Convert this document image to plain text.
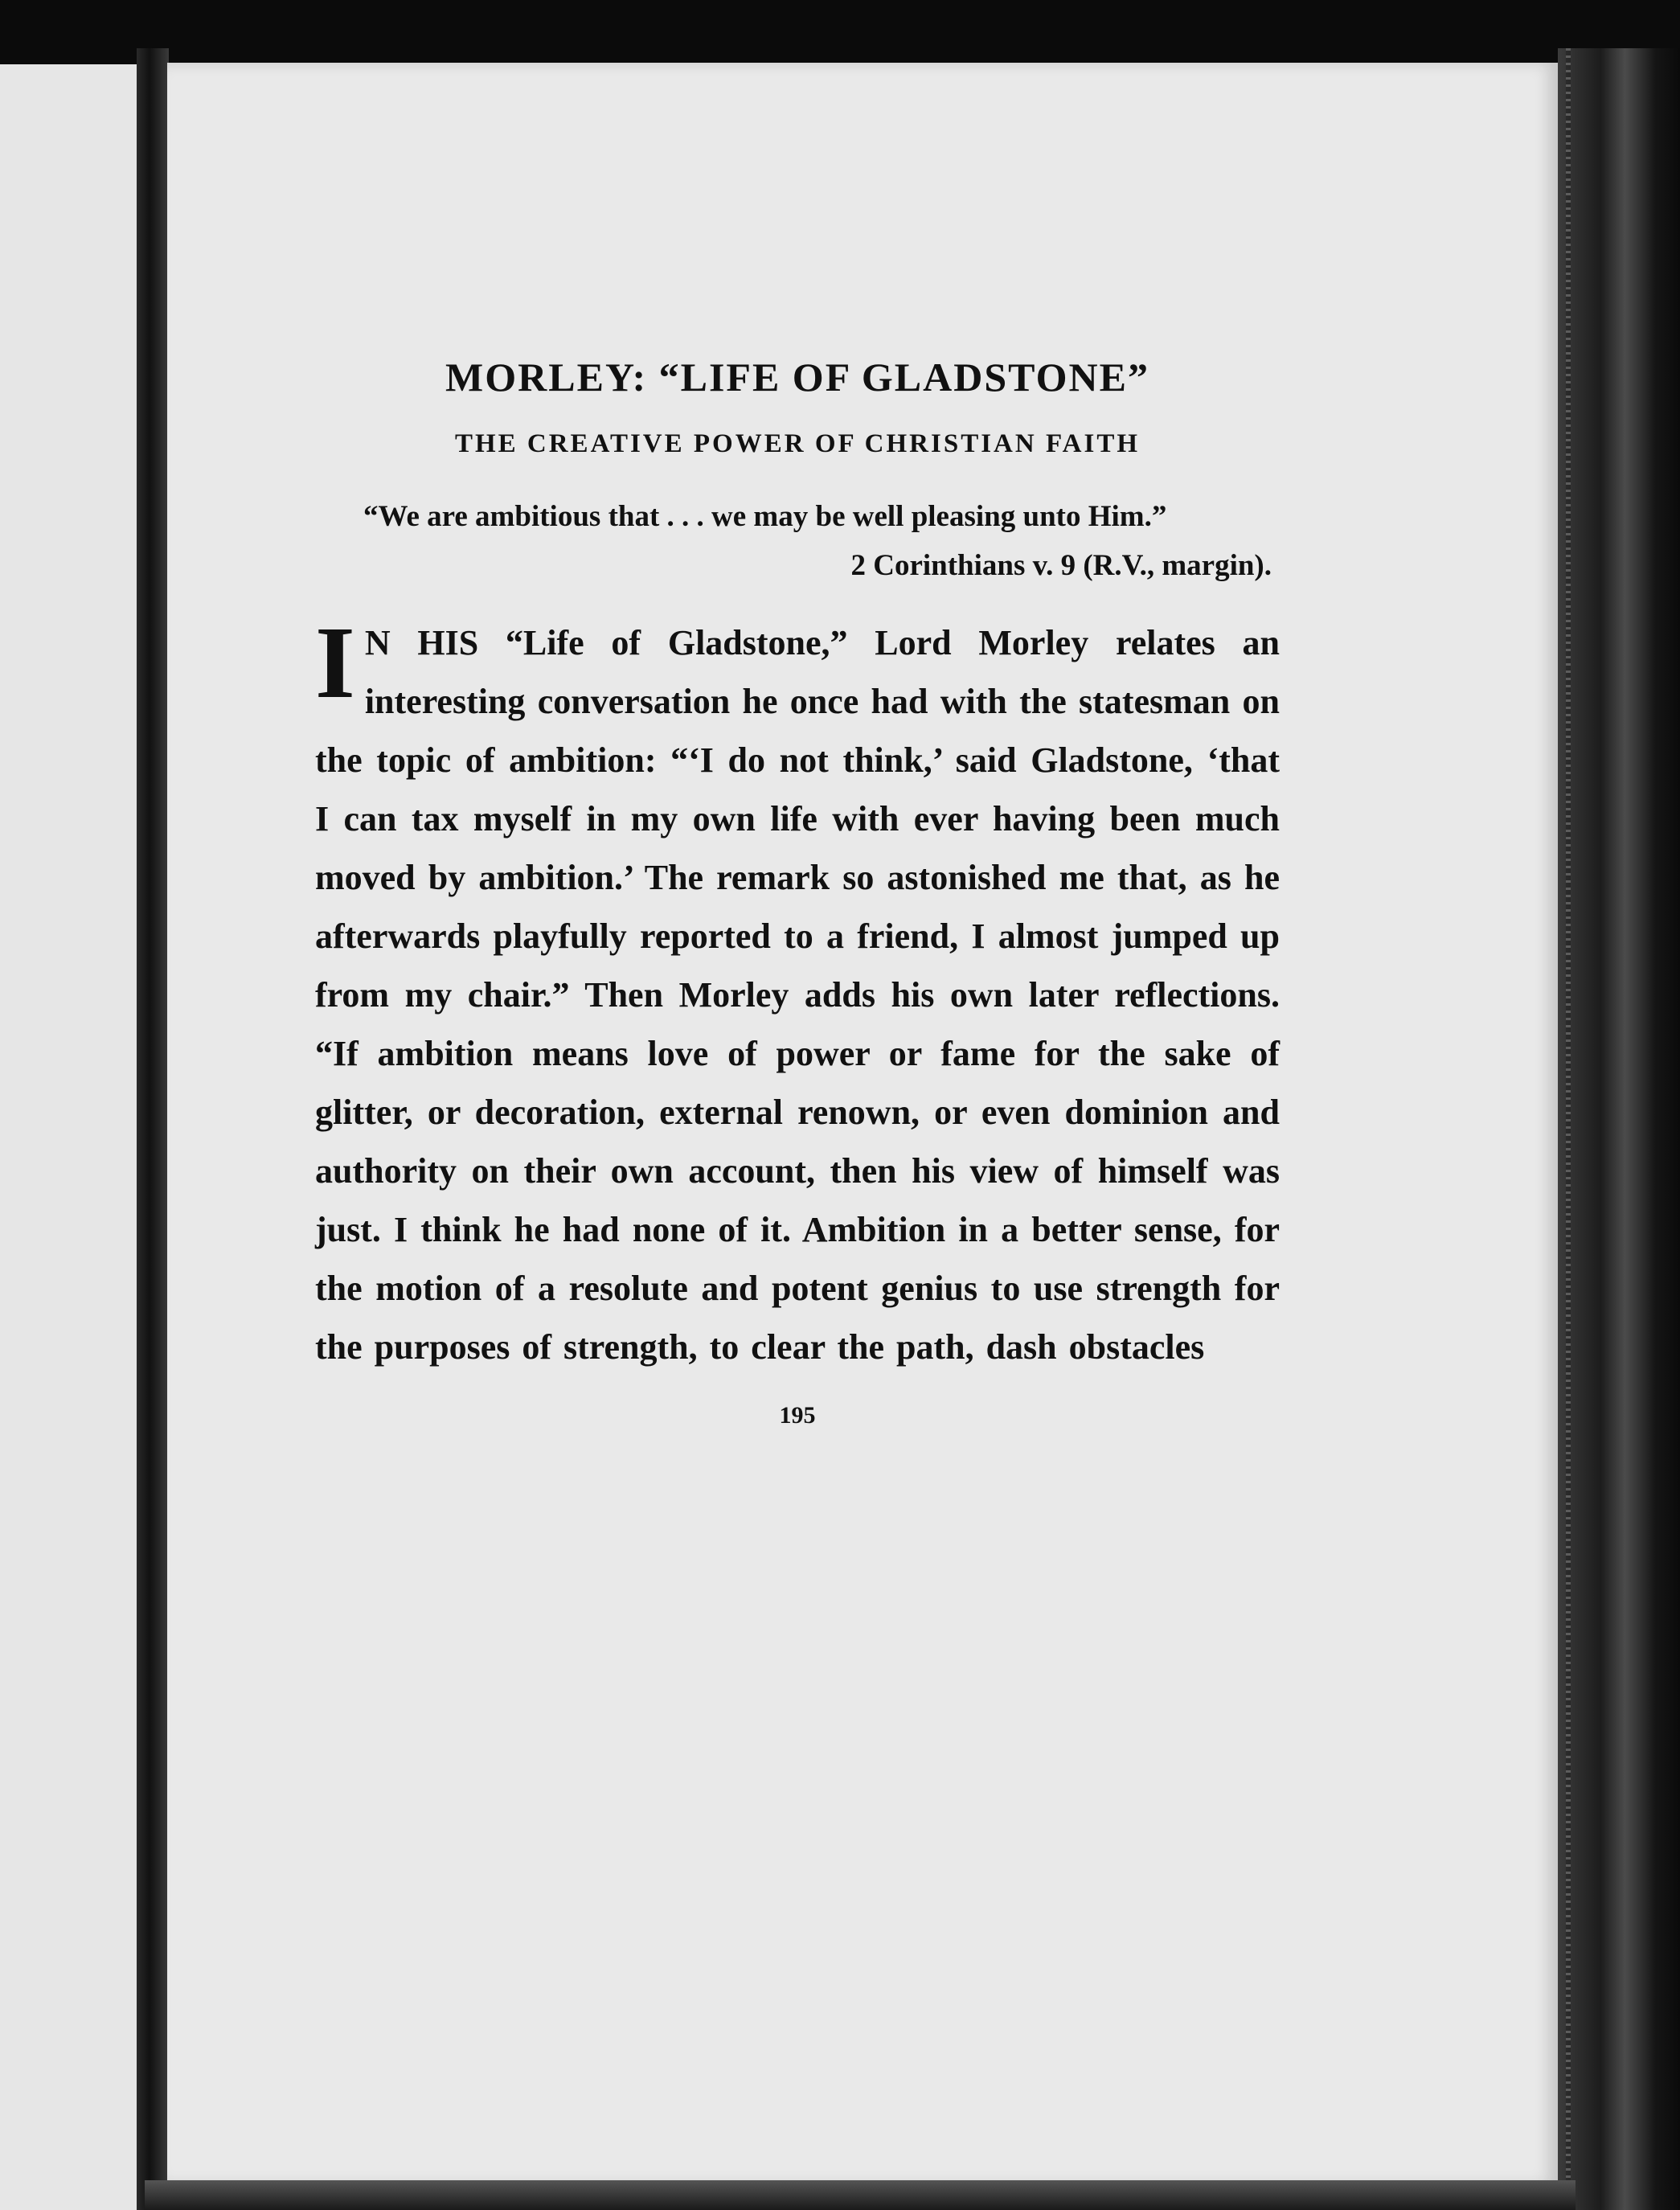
MORLEY: “LIFE OF GLADSTONE”
THE CREATIVE POWER OF CHRISTIAN FAITH

“We are ambitious that . . . we may be well pleasing unto Him.”

2 Corinthians v. 9 (R.V., margin).

I N HIS “Life of Gladstone,” Lord Morley relates an interesting conversation he once had with the statesman on the topic of ambition: “‘I do not think,’ said Gladstone, ‘that I can tax myself in my own life with ever having been much moved by ambition.’ The remark so astonished me that, as he afterwards playfully reported to a friend, I almost jumped up from my chair.” Then Morley adds his own later reflections. “If ambition means love of power or fame for the sake of glitter, or decoration, external renown, or even dominion and authority on their own account, then his view of himself was just. I think he had none of it. Ambition in a better sense, for the motion of a resolute and potent genius to use strength for the purposes of strength, to clear the path, dash obstacles

195
